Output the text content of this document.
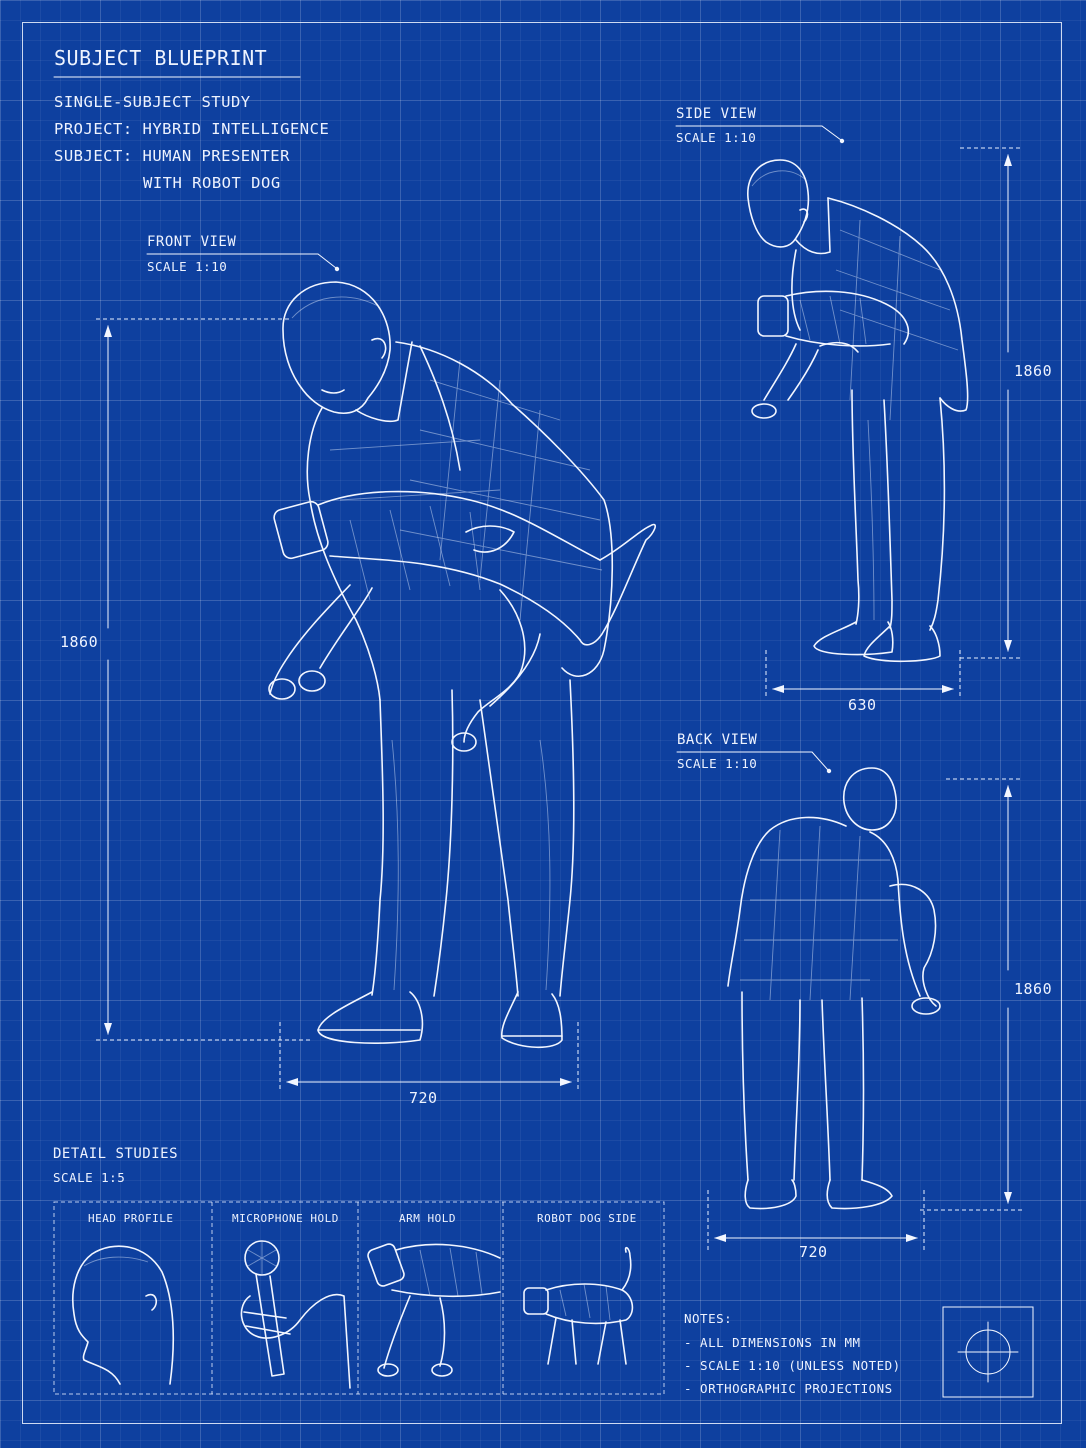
SUBJECT BLUEPRINT
SINGLE-SUBJECT STUDY
PROJECT: HYBRID INTELLIGENCE
SUBJECT: HUMAN PRESENTER
WITH ROBOT DOG
FRONT VIEW
SCALE 1:10
SIDE VIEW
SCALE 1:10
BACK VIEW
SCALE 1:10
1860
720
1860
630
1860
720
DETAIL STUDIES
SCALE 1:5
HEAD PROFILE	MICROPHONE HOLD	ARM HOLD	ROBOT DOG SIDE
NOTES:
- ALL DIMENSIONS IN MM
- SCALE 1:10 (UNLESS NOTED)
- ORTHOGRAPHIC PROJECTIONS
